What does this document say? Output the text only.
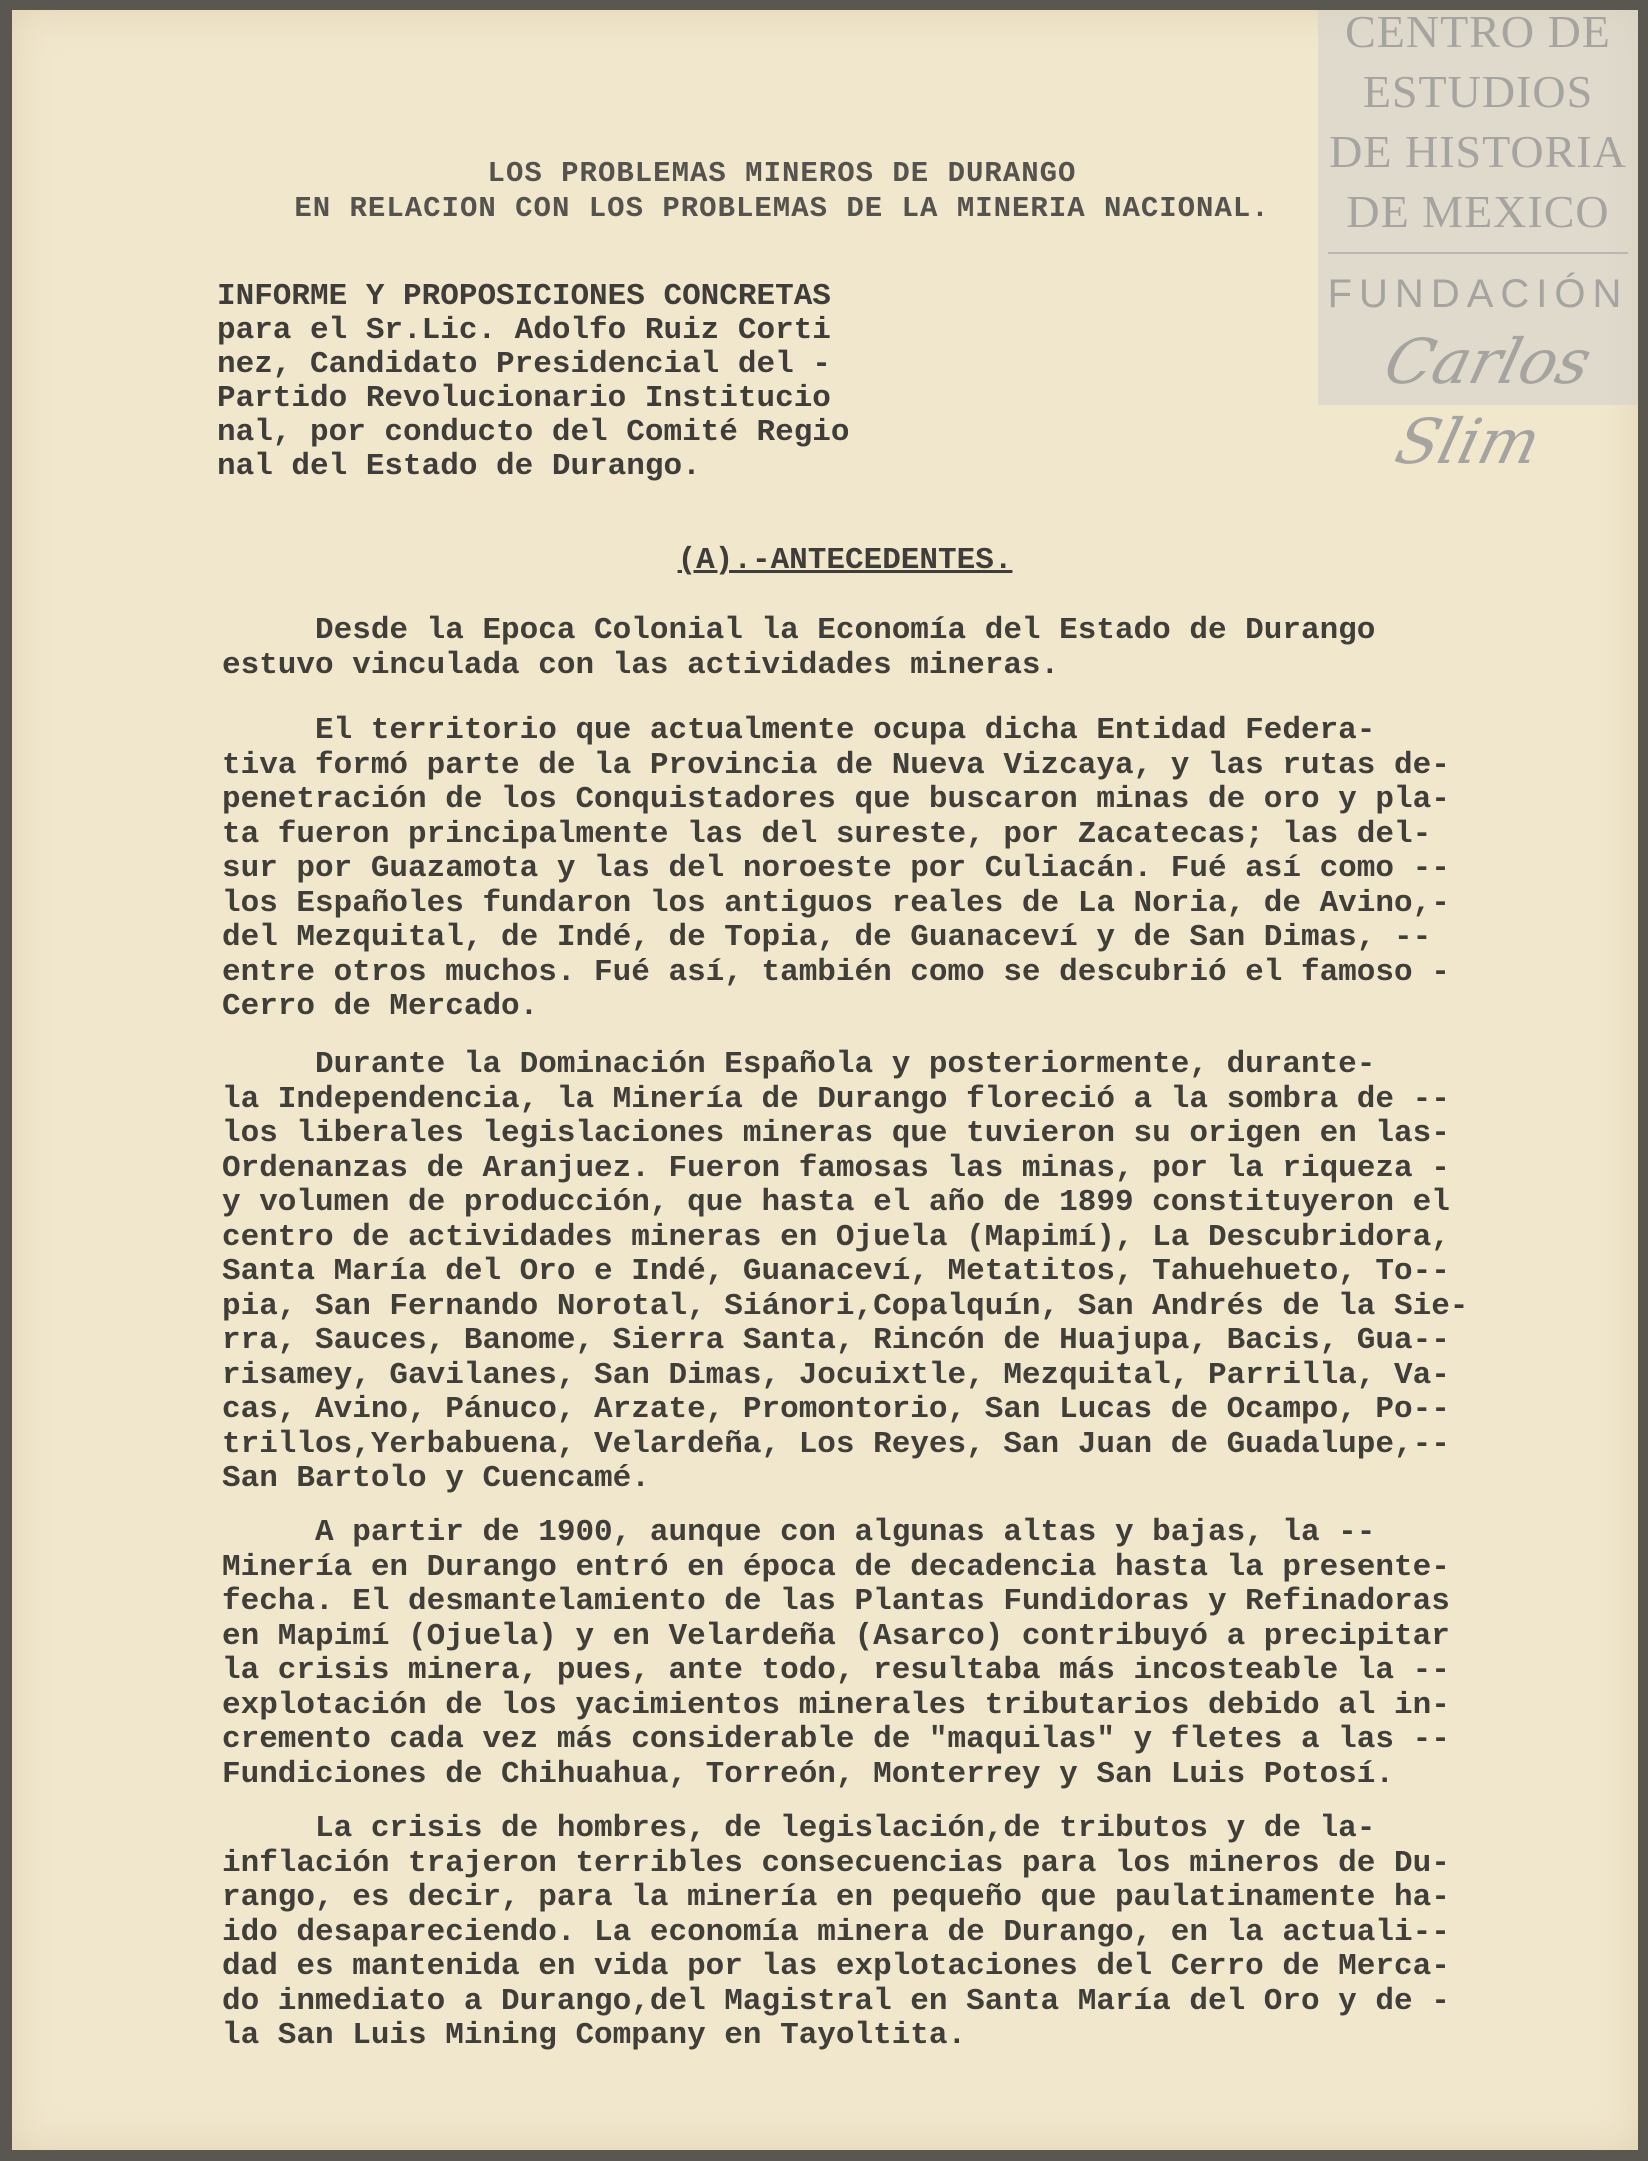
CENTRO DE
ESTUDIOS
DE HISTORIA
DE MEXICO
FUNDACIÓN
Carlos Slim
LOS PROBLEMAS MINEROS DE DURANGO
EN RELACION CON LOS PROBLEMAS DE LA MINERIA NACIONAL.
INFORME Y PROPOSICIONES CONCRETAS
para el Sr.Lic. Adolfo Ruiz Corti
nez, Candidato Presidencial del -
Partido Revolucionario Institucio
nal, por conducto del Comité Regio
nal del Estado de Durango.
(A).-ANTECEDENTES.
Desde la Epoca Colonial la Economía del Estado de Durango
estuvo vinculada con las actividades mineras.
El territorio que actualmente ocupa dicha Entidad Federa-
tiva formó parte de la Provincia de Nueva Vizcaya, y las rutas de-
penetración de los Conquistadores que buscaron minas de oro y pla-
ta fueron principalmente las del sureste, por Zacatecas; las del-
sur por Guazamota y las del noroeste por Culiacán. Fué así como --
los Españoles fundaron los antiguos reales de La Noria, de Avino,-
del Mezquital, de Indé, de Topia, de Guanaceví y de San Dimas, --
entre otros muchos. Fué así, también como se descubrió el famoso -
Cerro de Mercado.
Durante la Dominación Española y posteriormente, durante-
la Independencia, la Minería de Durango floreció a la sombra de --
los liberales legislaciones mineras que tuvieron su origen en las-
Ordenanzas de Aranjuez. Fueron famosas las minas, por la riqueza -
y volumen de producción, que hasta el año de 1899 constituyeron el
centro de actividades mineras en Ojuela (Mapimí), La Descubridora,
Santa María del Oro e Indé, Guanaceví, Metatitos, Tahuehueto, To--
pia, San Fernando Norotal, Siánori,Copalquín, San Andrés de la Sie-
rra, Sauces, Banome, Sierra Santa, Rincón de Huajupa, Bacis, Gua--
risamey, Gavilanes, San Dimas, Jocuixtle, Mezquital, Parrilla, Va-
cas, Avino, Pánuco, Arzate, Promontorio, San Lucas de Ocampo, Po--
trillos,Yerbabuena, Velardeña, Los Reyes, San Juan de Guadalupe,--
San Bartolo y Cuencamé.
A partir de 1900, aunque con algunas altas y bajas, la --
Minería en Durango entró en época de decadencia hasta la presente-
fecha. El desmantelamiento de las Plantas Fundidoras y Refinadoras
en Mapimí (Ojuela) y en Velardeña (Asarco) contribuyó a precipitar
la crisis minera, pues, ante todo, resultaba más incosteable la --
explotación de los yacimientos minerales tributarios debido al in-
cremento cada vez más considerable de "maquilas" y fletes a las --
Fundiciones de Chihuahua, Torreón, Monterrey y San Luis Potosí.
La crisis de hombres, de legislación,de tributos y de la-
inflación trajeron terribles consecuencias para los mineros de Du-
rango, es decir, para la minería en pequeño que paulatinamente ha-
ido desapareciendo. La economía minera de Durango, en la actuali--
dad es mantenida en vida por las explotaciones del Cerro de Merca-
do inmediato a Durango,del Magistral en Santa María del Oro y de -
la San Luis Mining Company en Tayoltita.
